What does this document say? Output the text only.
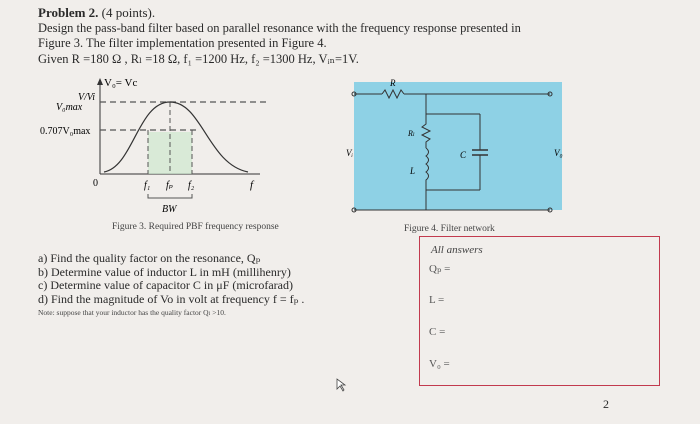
Problem 2. (4 points).
Design the pass-band filter based on parallel resonance with the frequency response presented in
Figure 3. The filter implementation presented in Figure 4.
Given R =180 Ω , Rₗ =18 Ω, f₁ =1200 Hz, f₂ =1300 Hz, Vᵢₙ=1V.
V₀= Vc
V/Vi
V₀max
0.707V₀max
0	f₁ fₚ f₂	f
BW
Figure 3. Required PBF frequency response
R
Rₗ
L
C
Vᵢ	V₀
Figure 4. Filter network
a) Find the quality factor on the resonance, Qₚ
b) Determine value of inductor L in mH (millihenry)
c) Determine value of capacitor C in μF (microfarad)
d) Find the magnitude of Vo in volt at frequency f = fₚ .
Note: suppose that your inductor has the quality factor Qₗ >10.
All answers
Qₚ =
L =
C =
V₀ =
2
